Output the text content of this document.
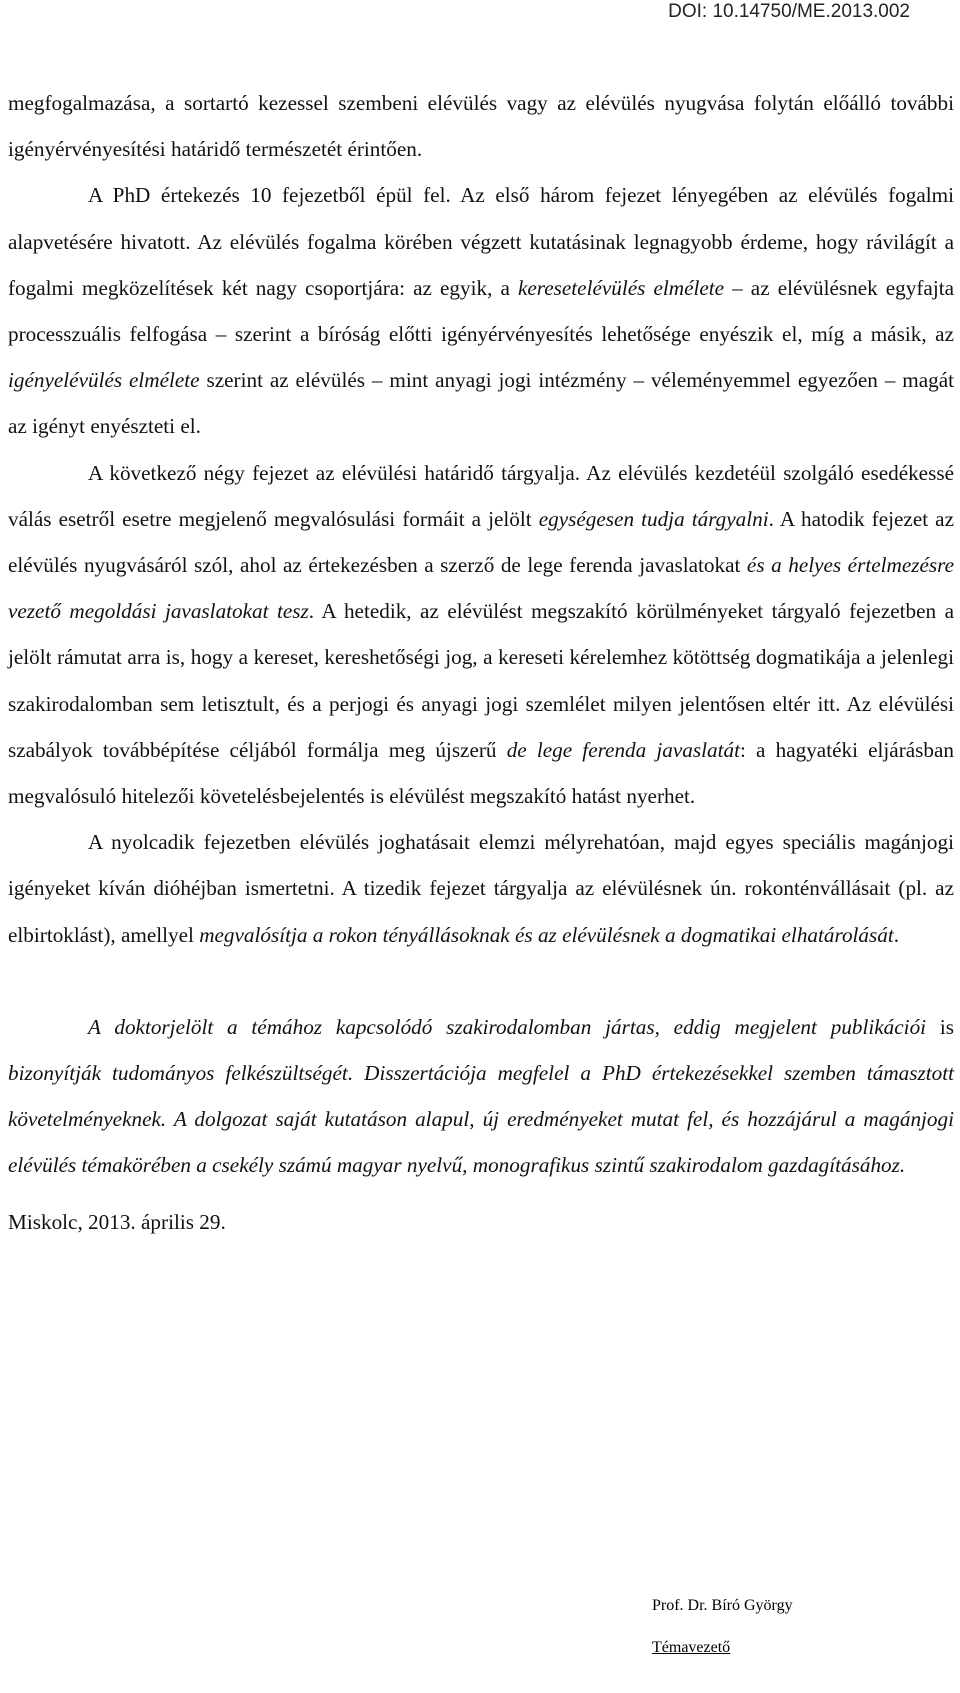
DOI: 10.14750/ME.2013.002

megfogalmazása, a sortartó kezessel szembeni elévülés vagy az elévülés nyugvása folytán előálló további igényérvényesítési határidő természetét érintően.

A PhD értekezés 10 fejezetből épül fel. Az első három fejezet lényegében az elévülés fogalmi alapvetésére hivatott. Az elévülés fogalma körében végzett kutatásinak legnagyobb érdeme, hogy rávilágít a fogalmi megközelítések két nagy csoportjára: az egyik, a keresetelévülés elmélete – az elévülésnek egyfajta processzuális felfogása – szerint a bíróság előtti igényérvényesítés lehetősége enyészik el, míg a másik, az igényelévülés elmélete szerint az elévülés – mint anyagi jogi intézmény – véleményemmel egyezően – magát az igényt enyészteti el.

A következő négy fejezet az elévülési határidő tárgyalja. Az elévülés kezdetéül szolgáló esedékessé válás esetről esetre megjelenő megvalósulási formáit a jelölt egységesen tudja tárgyalni. A hatodik fejezet az elévülés nyugvásáról szól, ahol az értekezésben a szerző de lege ferenda javaslatokat és a helyes értelmezésre vezető megoldási javaslatokat tesz. A hetedik, az elévülést megszakító körülményeket tárgyaló fejezetben a jelölt rámutat arra is, hogy a kereset, kereshetőségi jog, a kereseti kérelemhez kötöttség dogmatikája a jelenlegi szakirodalomban sem letisztult, és a perjogi és anyagi jogi szemlélet milyen jelentősen eltér itt. Az elévülési szabályok továbbépítése céljából formálja meg újszerű de lege ferenda javaslatát: a hagyatéki eljárásban megvalósuló hitelezői követelésbejelentés is elévülést megszakító hatást nyerhet.

A nyolcadik fejezetben elévülés joghatásait elemzi mélyrehatóan, majd egyes speciális magánjogi igényeket kíván dióhéjban ismertetni. A tizedik fejezet tárgyalja az elévülésnek ún. rokonténvállásait (pl. az elbirtoklást), amellyel megvalósítja a rokon tényállásoknak és az elévülésnek a dogmatikai elhatárolását.

A doktorjelölt a témához kapcsolódó szakirodalomban jártas, eddig megjelent publikációi is bizonyítják tudományos felkészültségét. Disszertációja megfelel a PhD értekezésekkel szemben támasztott követelményeknek. A dolgozat saját kutatáson alapul, új eredményeket mutat fel, és hozzájárul a magánjogi elévülés témakörében a csekély számú magyar nyelvű, monografikus szintű szakirodalom gazdagításához.

Miskolc, 2013. április 29.

Prof. Dr. Bíró György
Témavezető
